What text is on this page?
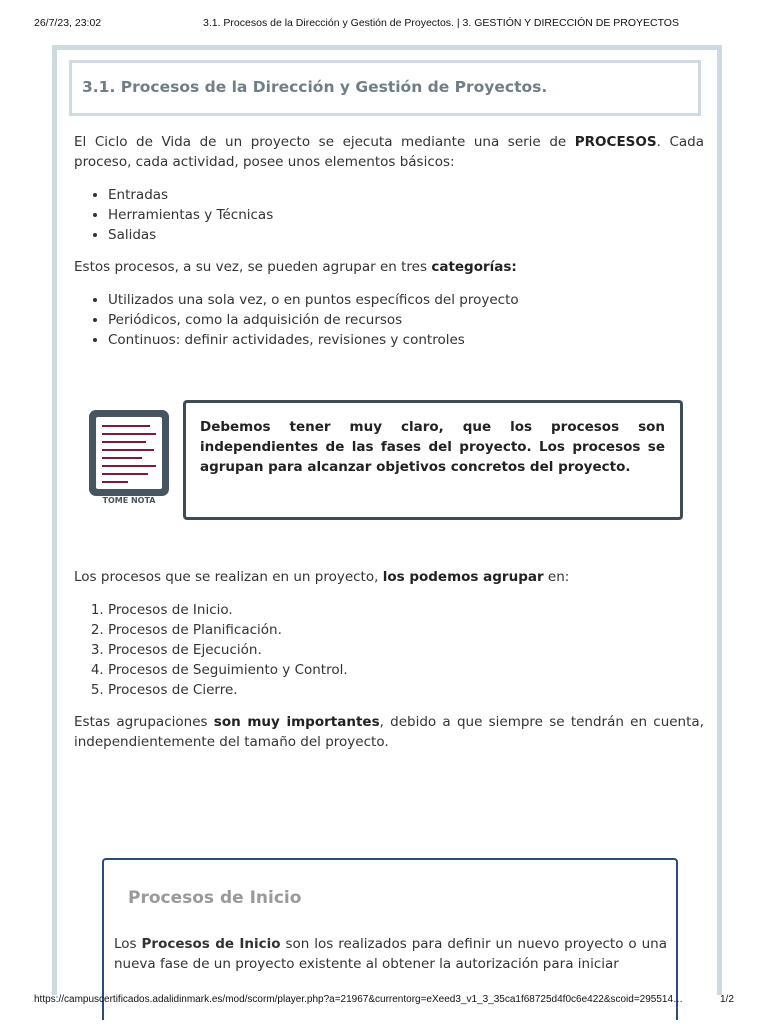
26/7/23, 23:02	3.1. Procesos de la Dirección y Gestión de Proyectos. | 3. GESTIÓN Y DIRECCIÓN DE PROYECTOS
3.1. Procesos de la Dirección y Gestión de Proyectos.

El Ciclo de Vida de un proyecto se ejecuta mediante una serie de PROCESOS. Cada proceso, cada actividad, posee unos elementos básicos:

• Entradas
• Herramientas y Técnicas
• Salidas

Estos procesos, a su vez, se pueden agrupar en tres categorías:

• Utilizados una sola vez, o en puntos específicos del proyecto
• Periódicos, como la adquisición de recursos
• Continuos: definir actividades, revisiones y controles
TOME NOTA

Debemos tener muy claro, que los procesos son independientes de las fases del proyecto. Los procesos se agrupan para alcanzar objetivos concretos del proyecto.

Los procesos que se realizan en un proyecto, los podemos agrupar en:

1. Procesos de Inicio.
2. Procesos de Planificación.
3. Procesos de Ejecución.
4. Procesos de Seguimiento y Control.
5. Procesos de Cierre.

Estas agrupaciones son muy importantes, debido a que siempre se tendrán en cuenta, independientemente del tamaño del proyecto.

Procesos de Inicio

Los Procesos de Inicio son los realizados para definir un nuevo proyecto o una nueva fase de un proyecto existente al obtener la autorización para iniciar

https://campuscertificados.adalidinmark.es/mod/scorm/player.php?a=21967&currentorg=eXeed3_v1_3_35ca1f68725d4f0c6e422&scoid=295514…	1/2
